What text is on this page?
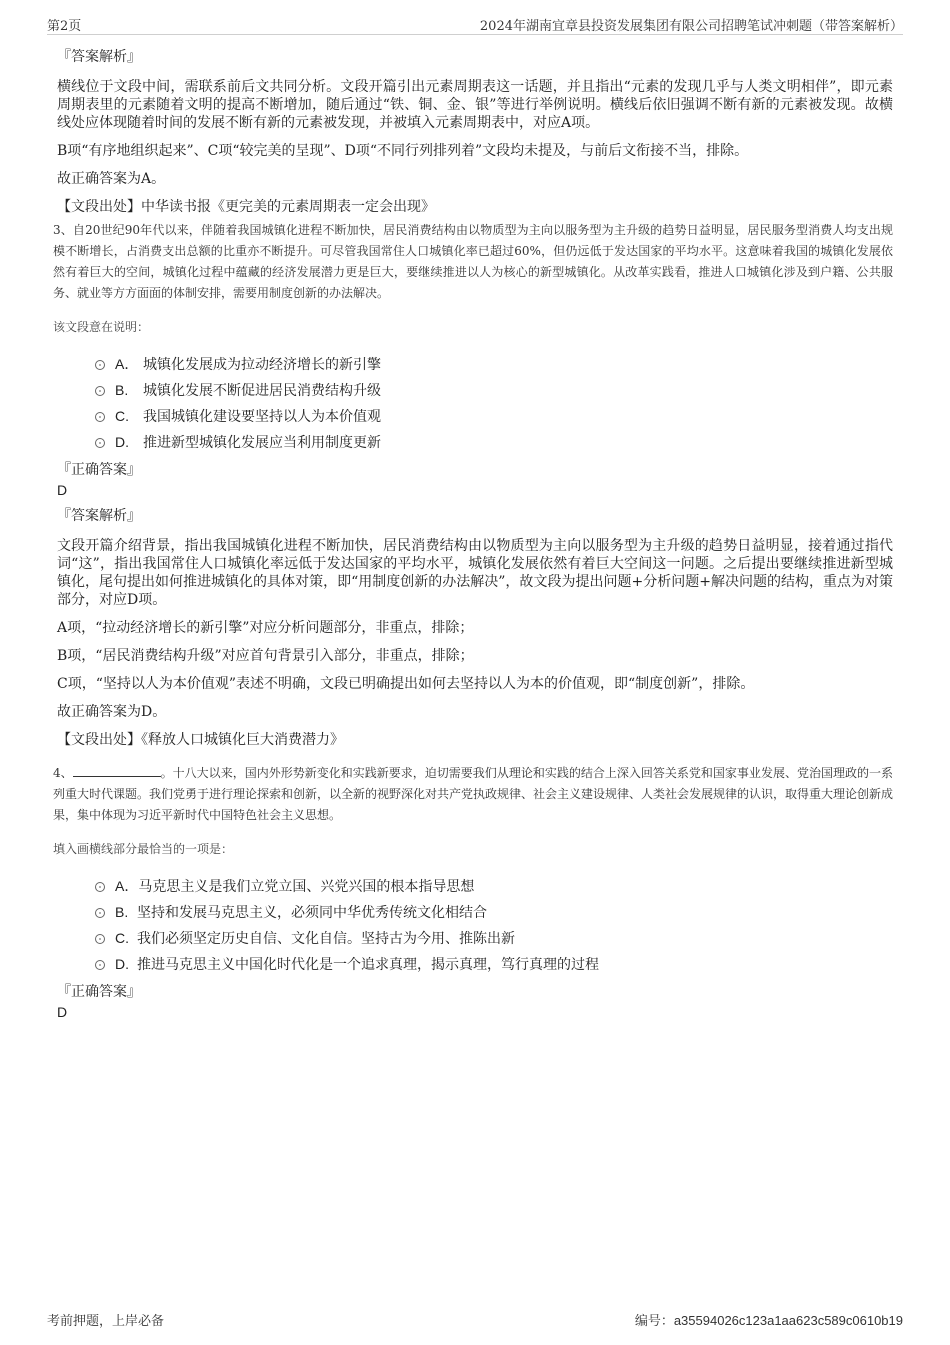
第2页	2024年湖南宜章县投资发展集团有限公司招聘笔试冲刺题（带答案解析）
『答案解析』

横线位于文段中间，需联系前后文共同分析。文段开篇引出元素周期表这一话题，并且指出“元素的发现几乎与人类文明相伴”，即元素周期表里的元素随着文明的提高不断增加，随后通过“铁、铜、金、银”等进行举例说明。横线后依旧强调不断有新的元素被发现。故横线处应体现随着时间的发展不断有新的元素被发现，并被填入元素周期表中，对应A项。

B项“有序地组织起来”、C项“较完美的呈现”、D项“不同行列排列着”文段均未提及，与前后文衔接不当，排除。

故正确答案为A。

【文段出处】中华读书报《更完美的元素周期表一定会出现》
3、自20世纪90年代以来，伴随着我国城镇化进程不断加快，居民消费结构由以物质型为主向以服务型为主升级的趋势日益明显，居民服务型消费人均支出规模不断增长，占消费支出总额的比重亦不断提升。可尽管我国常住人口城镇化率已超过60%，但仍远低于发达国家的平均水平。这意味着我国的城镇化发展依然有着巨大的空间，城镇化过程中蕴藏的经济发展潜力更是巨大，要继续推进以人为核心的新型城镇化。从改革实践看，推进人口城镇化涉及到户籍、公共服务、就业等方方面面的体制安排，需要用制度创新的办法解决。
该文段意在说明：
A． 城镇化发展成为拉动经济增长的新引擎
B. 城镇化发展不断促进居民消费结构升级
C. 我国城镇化建设要坚持以人为本价值观
D. 推进新型城镇化发展应当利用制度更新
『正确答案』
D
『答案解析』

文段开篇介绍背景，指出我国城镇化进程不断加快，居民消费结构由以物质型为主向以服务型为主升级的趋势日益明显，接着通过指代词“这”，指出我国常住人口城镇化率远低于发达国家的平均水平，城镇化发展依然有着巨大空间这一问题。之后提出要继续推进新型城镇化，尾句提出如何推进城镇化的具体对策，即“用制度创新的办法解决”，故文段为提出问题+分析问题+解决问题的结构，重点为对策部分，对应D项。

A项，“拉动经济增长的新引擎”对应分析问题部分，非重点，排除；

B项，“居民消费结构升级”对应首句背景引入部分，非重点，排除；

C项，“坚持以人为本价值观”表述不明确，文段已明确提出如何去坚持以人为本的价值观，即“制度创新”，排除。

故正确答案为D。

【文段出处】《释放人口城镇化巨大消费潜力》
4、	。十八大以来，国内外形势新变化和实践新要求，迫切需要我们从理论和实践的结合上深入回答关系党和国家事业发展、党治国理政的一系列重大时代课题。我们党勇于进行理论探索和创新，以全新的视野深化对共产党执政规律、社会主义建设规律、人类社会发展规律的认识，取得重大理论创新成果，集中体现为习近平新时代中国特色社会主义思想。
填入画横线部分最恰当的一项是：
A．马克思主义是我们立党立国、兴党兴国的根本指导思想
B. 坚持和发展马克思主义，必须同中华优秀传统文化相结合
C. 我们必须坚定历史自信、文化自信。坚持古为今用、推陈出新
D. 推进马克思主义中国化时代化是一个追求真理，揭示真理，笃行真理的过程
『正确答案』
D
考前押题，上岸必备	编号：a35594026c123a1aa623c589c0610b19
